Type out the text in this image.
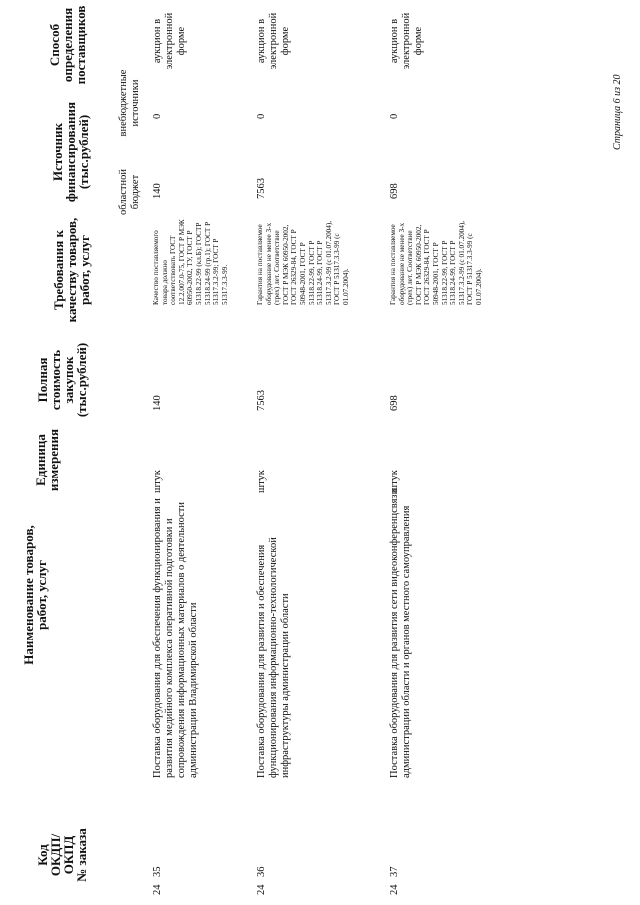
Код
ОКДП/
ОКПД
№ заказа
Наименование товаров,
работ, услуг
Единица
измерения
Полная
стоимость
закупок
(тыс.рублей)
Требования к
качеству товаров,
работ, услуг
Источник
финансирования
(тыс.рублей)
областной бюджет
внебюджетные источники
Способ
определения
поставщиков
24
35
Поставка оборудования для обеспечения функционирования и развития медийного комплекса оперативной подготовки и сопровождения информационных материалов о деятельности администрации Владимирской области
штук
140
Качество поставляемого товара должно соответствовать ГОСТ 12.2.007.0-75, ГОСТ Р МЭК 60950-2002, ТУ, ГОСТ Р 51318.22-99 (кл.Б); ГОСТР 51318.24-99 (гр.1); ГОСТ Р 51317.3.2-99; ГОСТ Р 51317.3.3-99.
140
0
аукцион в электронной форме
24
36
Поставка оборудования для развития и обеспечения функционирования информационно-технологической инфраструктуры администрации области
штук
7563
Гарантия на поставляемое оборудование не менее 3-х (трех) лет. Соответствие ГОСТ Р МЭК 60950-2002, ГОСТ 26329-84, ГОСТ Р 50948-2001, ГОСТ Р 51318.22-99, ГОСТ Р 51318.24-99, ГОСТ Р 51317.3.2-99 (с 01.07.2004), ГОСТ Р 51317.3.3-99 (с 01.07.2004).
7563
0
аукцион в электронной форме
24
37
Поставка оборудования для развития сети видеоконференцсвязи администрации области и органов местного самоуправления
штук
698
Гарантия на поставляемое оборудование не менее 3-х (трех) лет. Соответствие ГОСТ Р МЭК 60950-2002, ГОСТ 26329-84, ГОСТ Р 50948-2001, ГОСТ Р 51318.22-99, ГОСТ Р 51318.24-99, ГОСТ Р 51317.3.2-99 (с 01.07.2004), ГОСТ Р 51317.3.3-99 (с 01.07.2004).
698
0
аукцион в электронной форме
Страница 6 из 20
